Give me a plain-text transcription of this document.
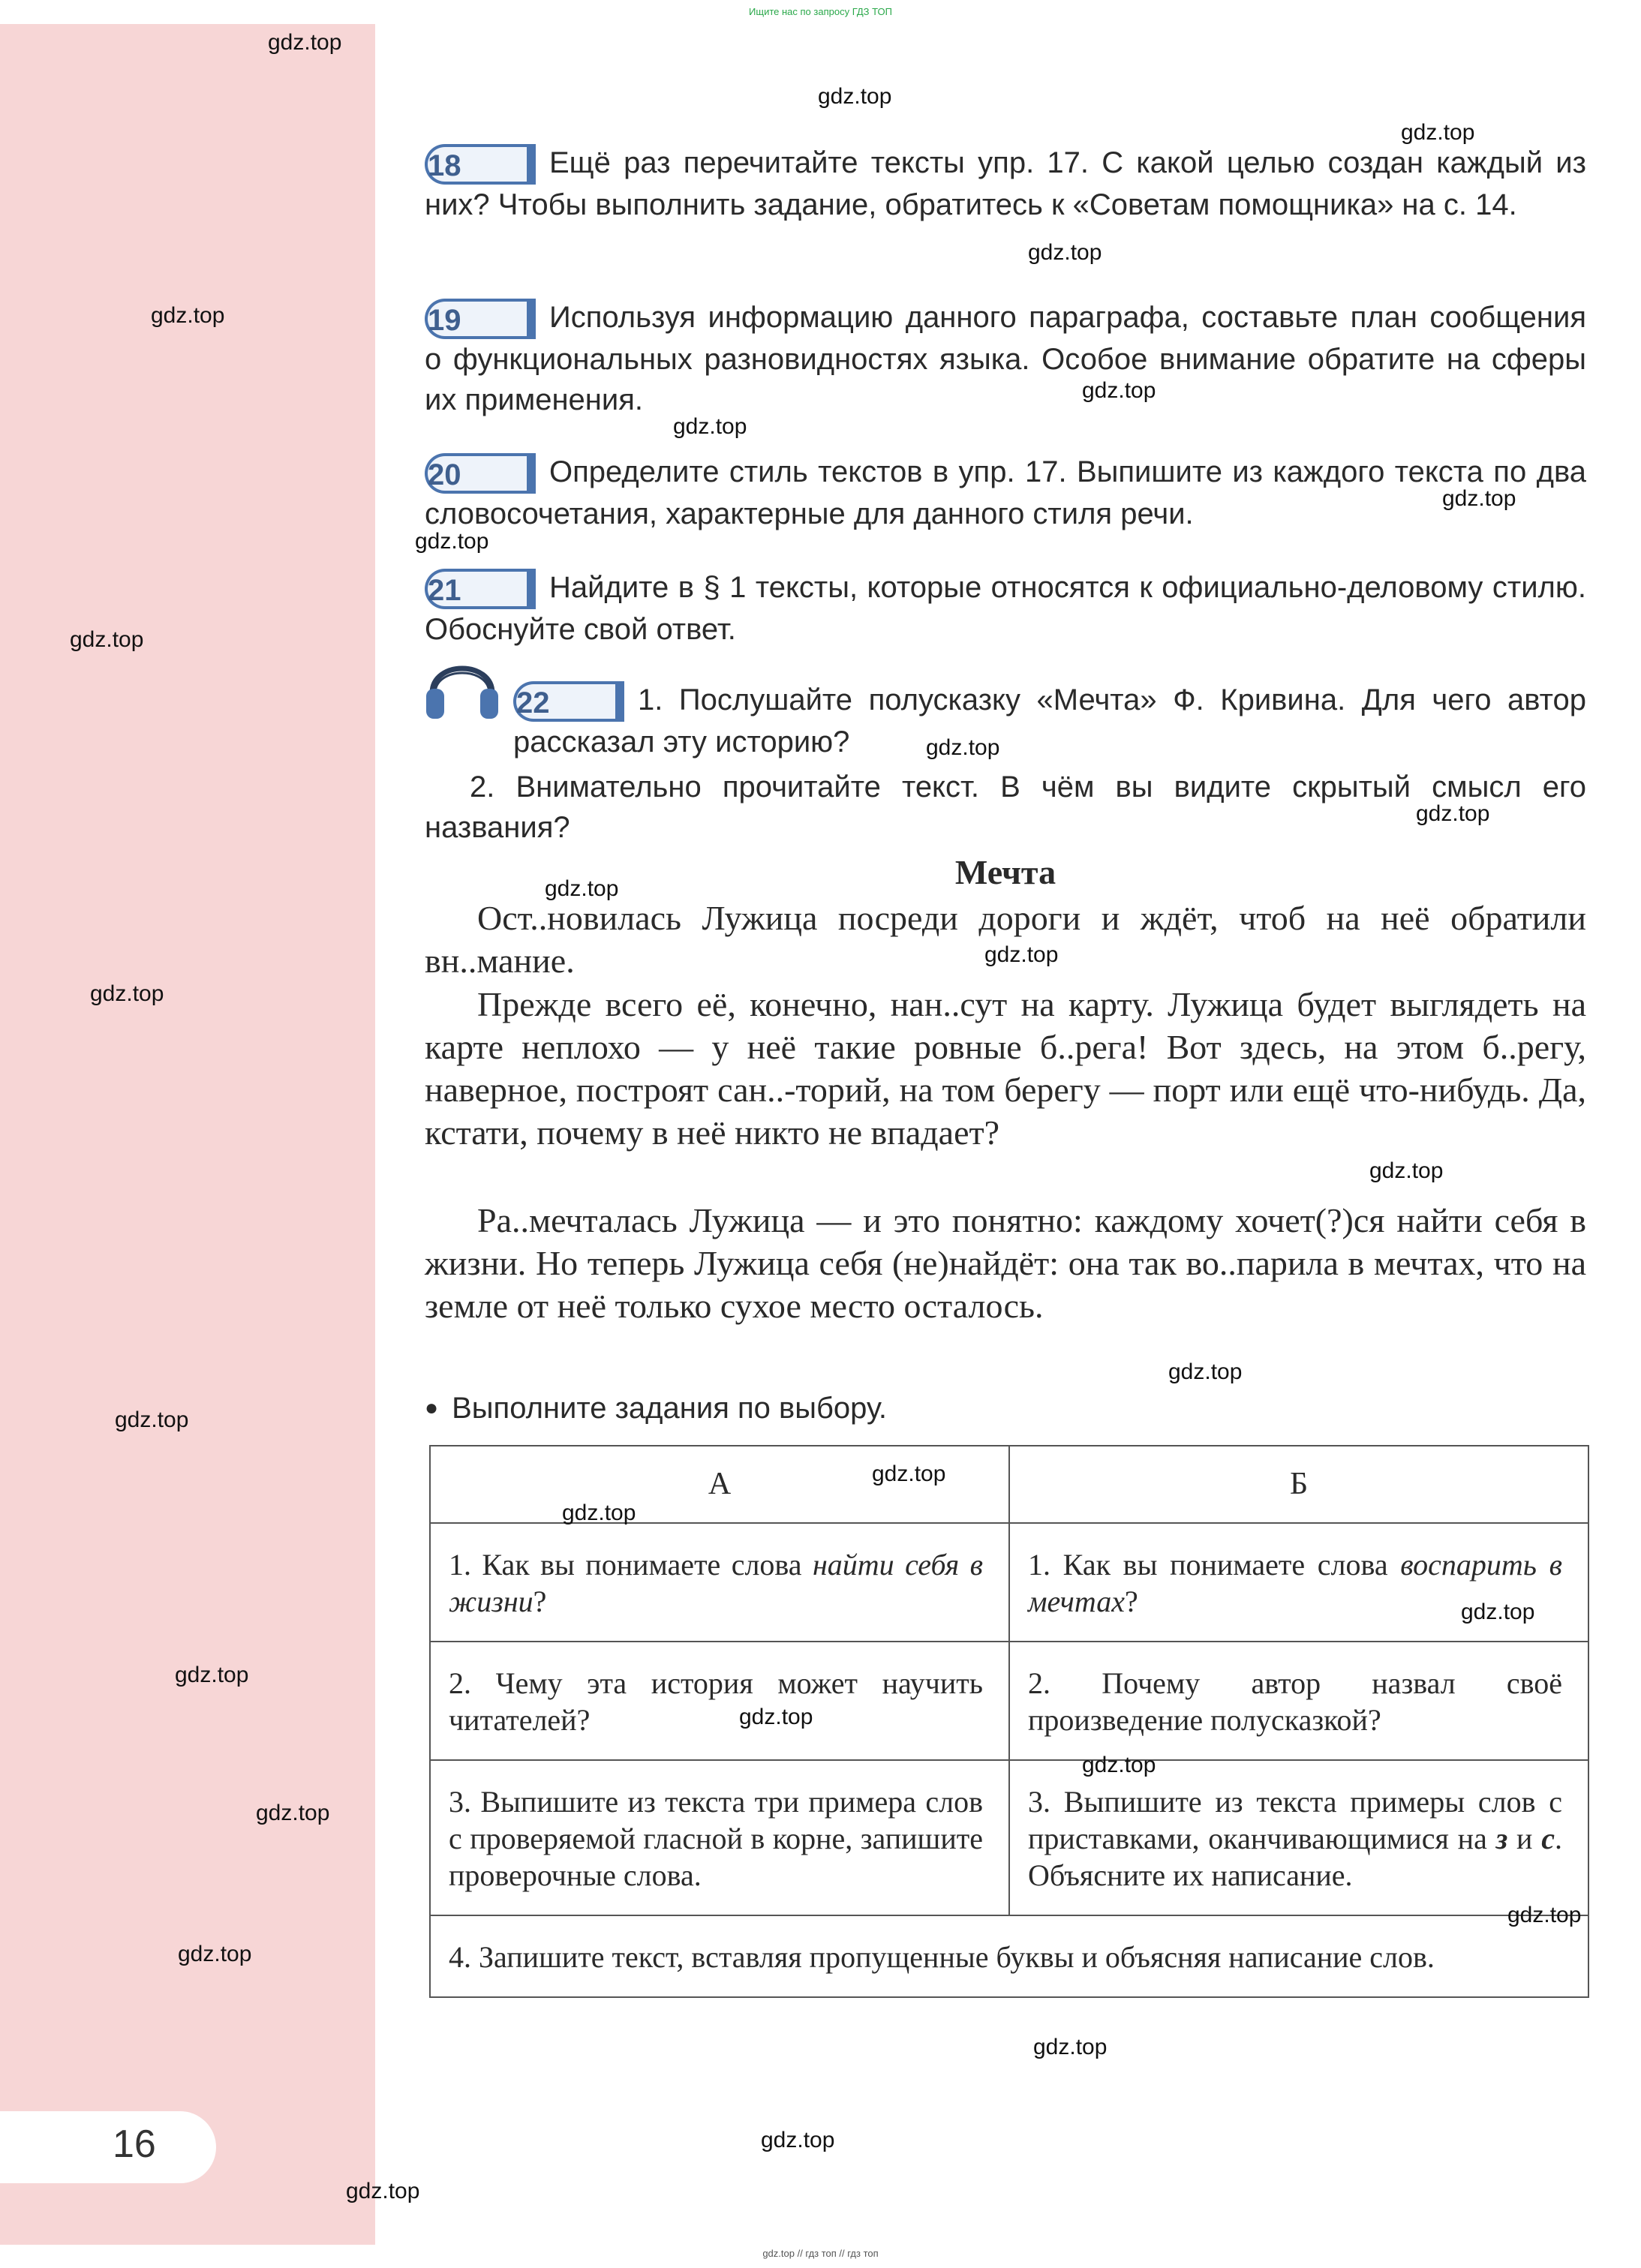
16
Ищите нас по запросу ГДЗ ТОП
gdz.top // гдз топ // гдз топ
18	Ещё раз перечитайте тексты упр. 17. С какой целью создан каждый из них? Чтобы выполнить задание, обратитесь к «Советам помощника» на с. 14.
19	Используя информацию данного параграфа, составьте план сообщения о функциональных разновидностях языка. Особое внимание обратите на сферы их применения.
20	Определите стиль текстов в упр. 17. Выпишите из каждого текста по два словосочетания, характерные для данного стиля речи.
21	Найдите в § 1 тексты, которые относятся к официально-деловому стилю. Обоснуйте свой ответ.
22	1. Послушайте полусказку «Мечта» Ф. Кривина. Для чего автор рассказал эту историю?
2. Внимательно прочитайте текст. В чём вы видите скрытый смысл его названия?
Мечта
Ост..новилась Лужица посреди дороги и ждёт, чтоб на неё обратили вн..мание.
Прежде всего её, конечно, нан..сут на карту. Лужица будет выглядеть на карте неплохо — у неё такие ровные б..рега! Вот здесь, на этом б..регу, наверное, построят сан..-торий, на том берегу — порт или ещё что-нибудь. Да, кстати, почему в неё никто не впадает?
Ра..мечталась Лужица — и это понятно: каждому хочет(?)ся найти себя в жизни. Но теперь Лужица себя (не)найдёт: она так во..парила в мечтах, что на земле от неё только сухое место осталось.
● Выполните задания по выбору.
А	Б
1. Как вы понимаете слова найти себя в жизни?	1. Как вы понимаете слова воспарить в мечтах?
2. Чему эта история может научить читателей?	2. Почему автор назвал своё произведение полусказкой?
3. Выпишите из текста три примера слов с проверяемой гласной в корне, запишите проверочные слова.	3. Выпишите из текста примеры слов с приставками, оканчивающимися на з и с. Объясните их написание.
4. Запишите текст, вставляя пропущенные буквы и объясняя написание слов.	
gdz.top
gdz.top
gdz.top
gdz.top
gdz.top
gdz.top
gdz.top
gdz.top
gdz.top
gdz.top
gdz.top
gdz.top
gdz.top
gdz.top
gdz.top
gdz.top
gdz.top
gdz.top
gdz.top
gdz.top
gdz.top
gdz.top
gdz.top
gdz.top
gdz.top
gdz.top
gdz.top
gdz.top
gdz.top
gdz.top
